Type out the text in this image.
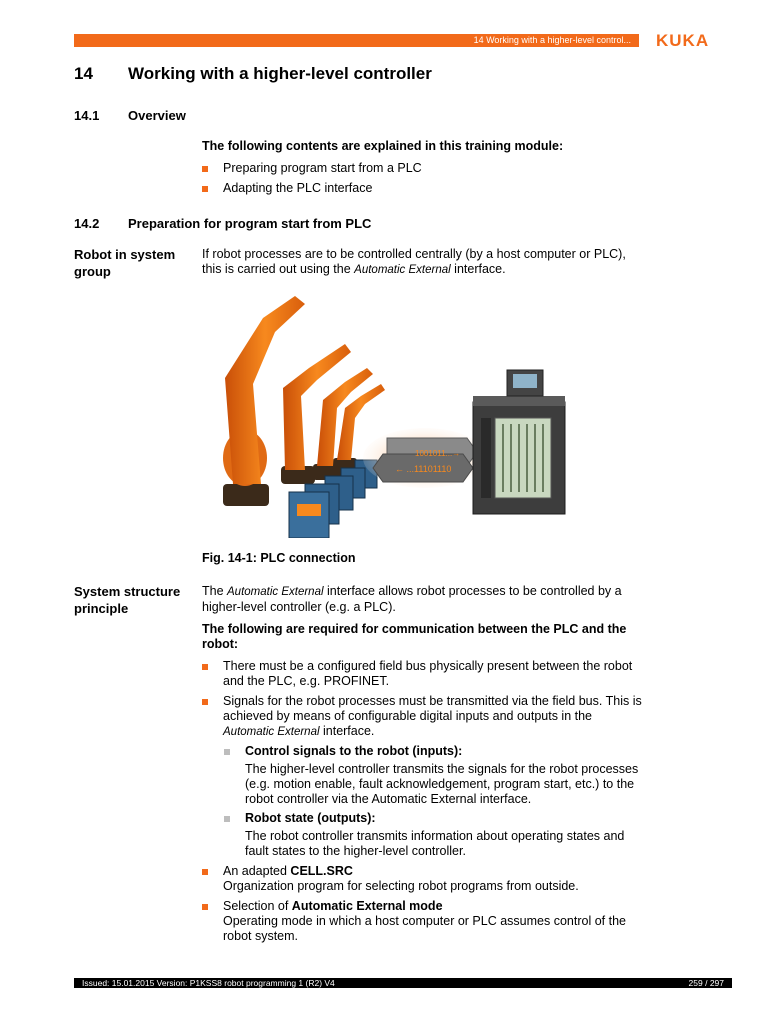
14 Working with a higher-level control...	KUKA
14 Working with a higher-level controller
14.1 Overview
The following contents are explained in this training module:
Preparing program start from a PLC
Adapting the PLC interface
14.2 Preparation for program start from PLC
Robot in system group
If robot processes are to be controlled centrally (by a host computer or PLC), this is carried out using the Automatic External interface.
1001011...→
← ...11101110
Fig. 14-1: PLC connection
System structure principle
The Automatic External interface allows robot processes to be controlled by a higher-level controller (e.g. a PLC).
The following are required for communication between the PLC and the robot:
There must be a configured field bus physically present between the robot and the PLC, e.g. PROFINET.
Signals for the robot processes must be transmitted via the field bus. This is achieved by means of configurable digital inputs and outputs in the Automatic External interface.
Control signals to the robot (inputs):
The higher-level controller transmits the signals for the robot processes (e.g. motion enable, fault acknowledgement, program start, etc.) to the robot controller via the Automatic External interface.
Robot state (outputs):
The robot controller transmits information about operating states and fault states to the higher-level controller.
An adapted CELL.SRC
Organization program for selecting robot programs from outside.
Selection of Automatic External mode
Operating mode in which a host computer or PLC assumes control of the robot system.
Issued: 15.01.2015 Version: P1KSS8 robot programming 1 (R2) V4	259 / 297
